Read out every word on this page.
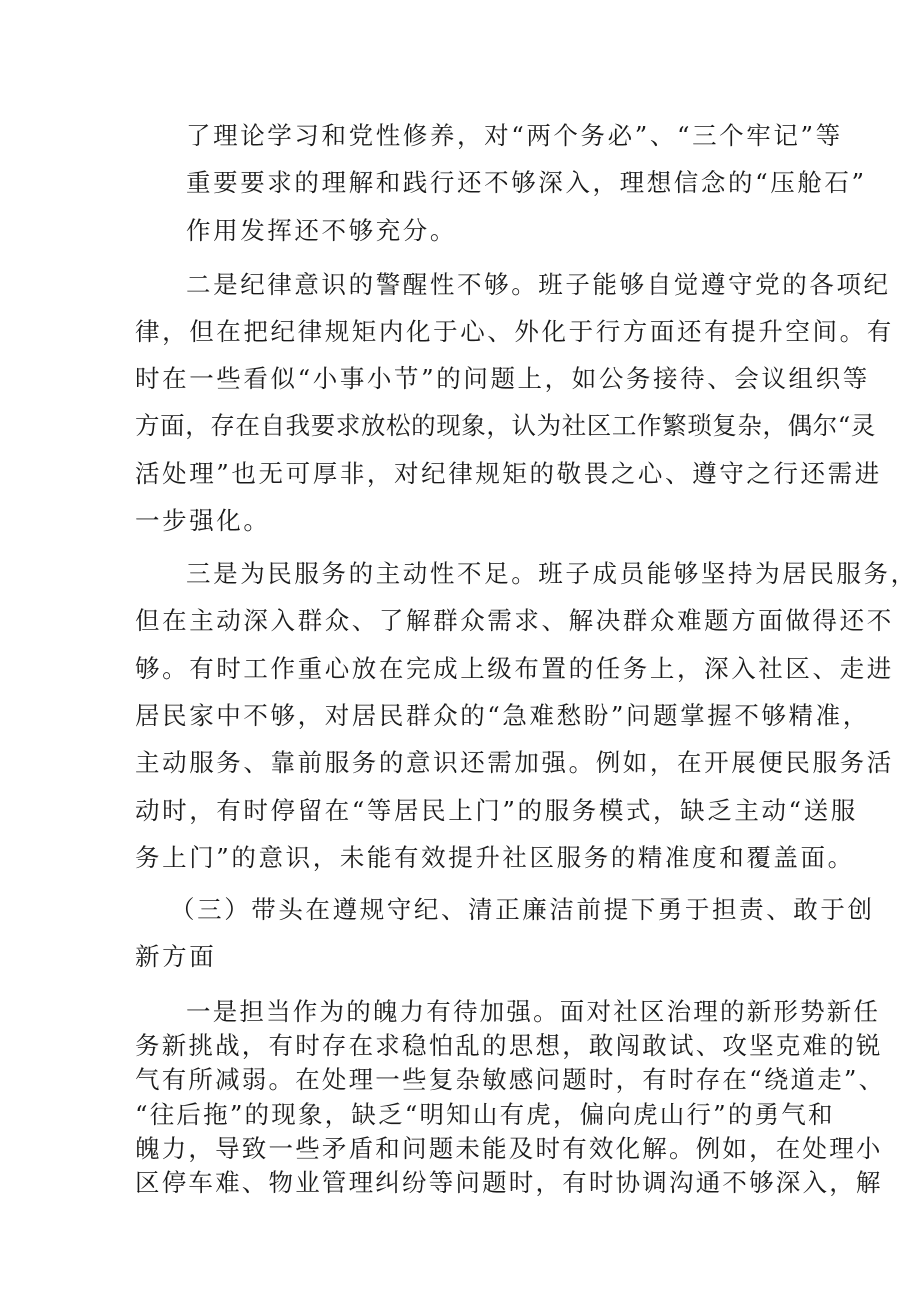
了理论学习和党性修养，对“两个务必”、“三个牢记”等
重要要求的理解和践行还不够深入，理想信念的“压舱石”
作用发挥还不够充分。
二是纪律意识的警醒性不够。班子能够自觉遵守党的各项纪
律，但在把纪律规矩内化于心、外化于行方面还有提升空间。有
时在一些看似“小事小节”的问题上，如公务接待、会议组织等
方面，存在自我要求放松的现象，认为社区工作繁琐复杂，偶尔“灵
活处理”也无可厚非，对纪律规矩的敬畏之心、遵守之行还需进
一步强化。
三是为民服务的主动性不足。班子成员能够坚持为居民服务，
但在主动深入群众、了解群众需求、解决群众难题方面做得还不
够。有时工作重心放在完成上级布置的任务上，深入社区、走进
居民家中不够，对居民群众的“急难愁盼”问题掌握不够精准，
主动服务、靠前服务的意识还需加强。例如，在开展便民服务活
动时，有时停留在“等居民上门”的服务模式，缺乏主动“送服
务上门”的意识，未能有效提升社区服务的精准度和覆盖面。
（三）带头在遵规守纪、清正廉洁前提下勇于担责、敢于创
新方面
一是担当作为的魄力有待加强。面对社区治理的新形势新任
务新挑战，有时存在求稳怕乱的思想，敢闯敢试、攻坚克难的锐
气有所减弱。在处理一些复杂敏感问题时，有时存在“绕道走”、
“往后拖”的现象，缺乏“明知山有虎，偏向虎山行”的勇气和
魄力，导致一些矛盾和问题未能及时有效化解。例如，在处理小
区停车难、物业管理纠纷等问题时，有时协调沟通不够深入，解
